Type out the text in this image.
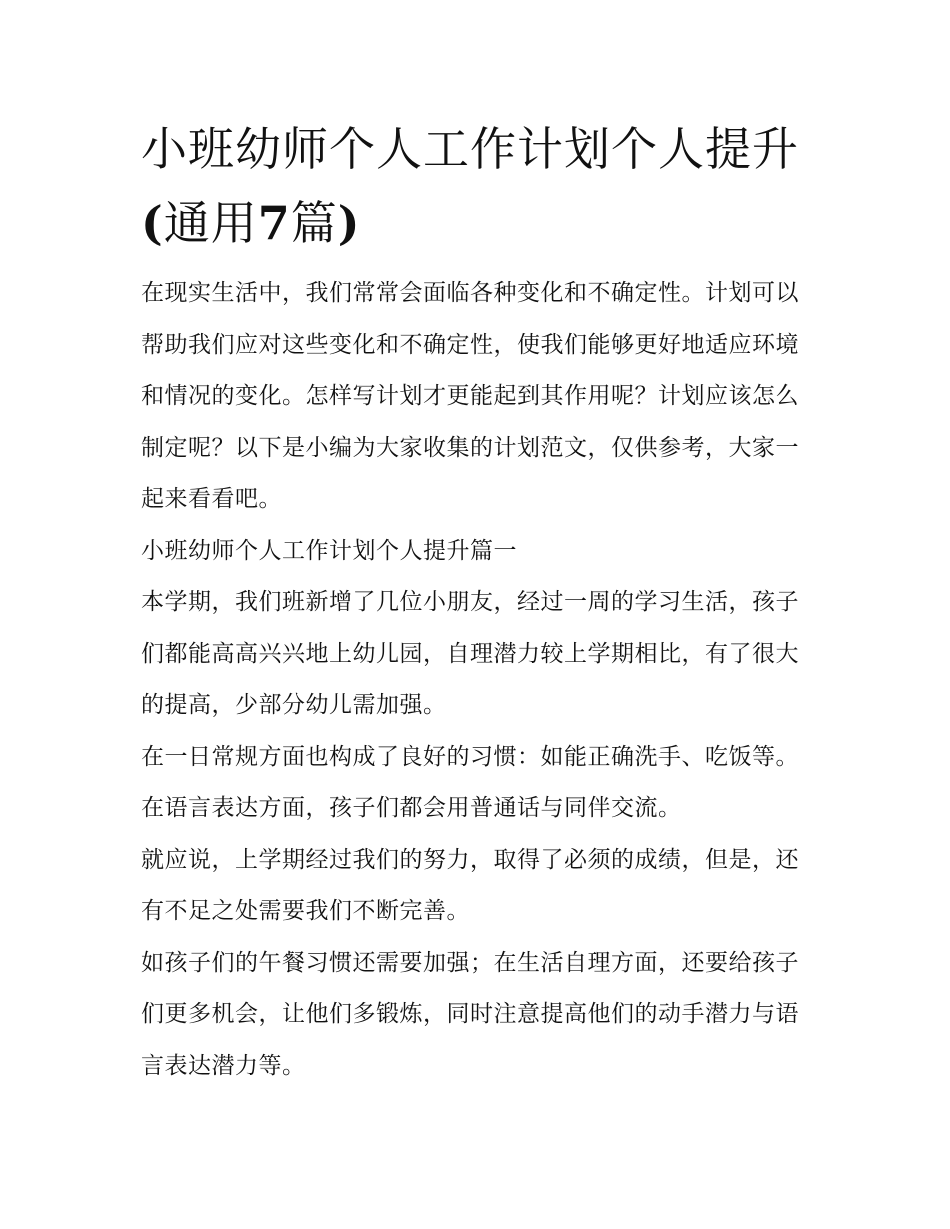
小班幼师个人工作计划个人提升(通用7篇)

在现实生活中，我们常常会面临各种变化和不确定性。计划可以帮助我们应对这些变化和不确定性，使我们能够更好地适应环境和情况的变化。怎样写计划才更能起到其作用呢？计划应该怎么制定呢？以下是小编为大家收集的计划范文，仅供参考，大家一起来看看吧。

小班幼师个人工作计划个人提升篇一

本学期，我们班新增了几位小朋友，经过一周的学习生活，孩子们都能高高兴兴地上幼儿园，自理潜力较上学期相比，有了很大的提高，少部分幼儿需加强。

在一日常规方面也构成了良好的习惯：如能正确洗手、吃饭等。 在语言表达方面，孩子们都会用普通话与同伴交流。

就应说，上学期经过我们的努力，取得了必须的成绩，但是，还有不足之处需要我们不断完善。

如孩子们的午餐习惯还需要加强；在生活自理方面，还要给孩子们更多机会，让他们多锻炼，同时注意提高他们的动手潜力与语言表达潜力等。
